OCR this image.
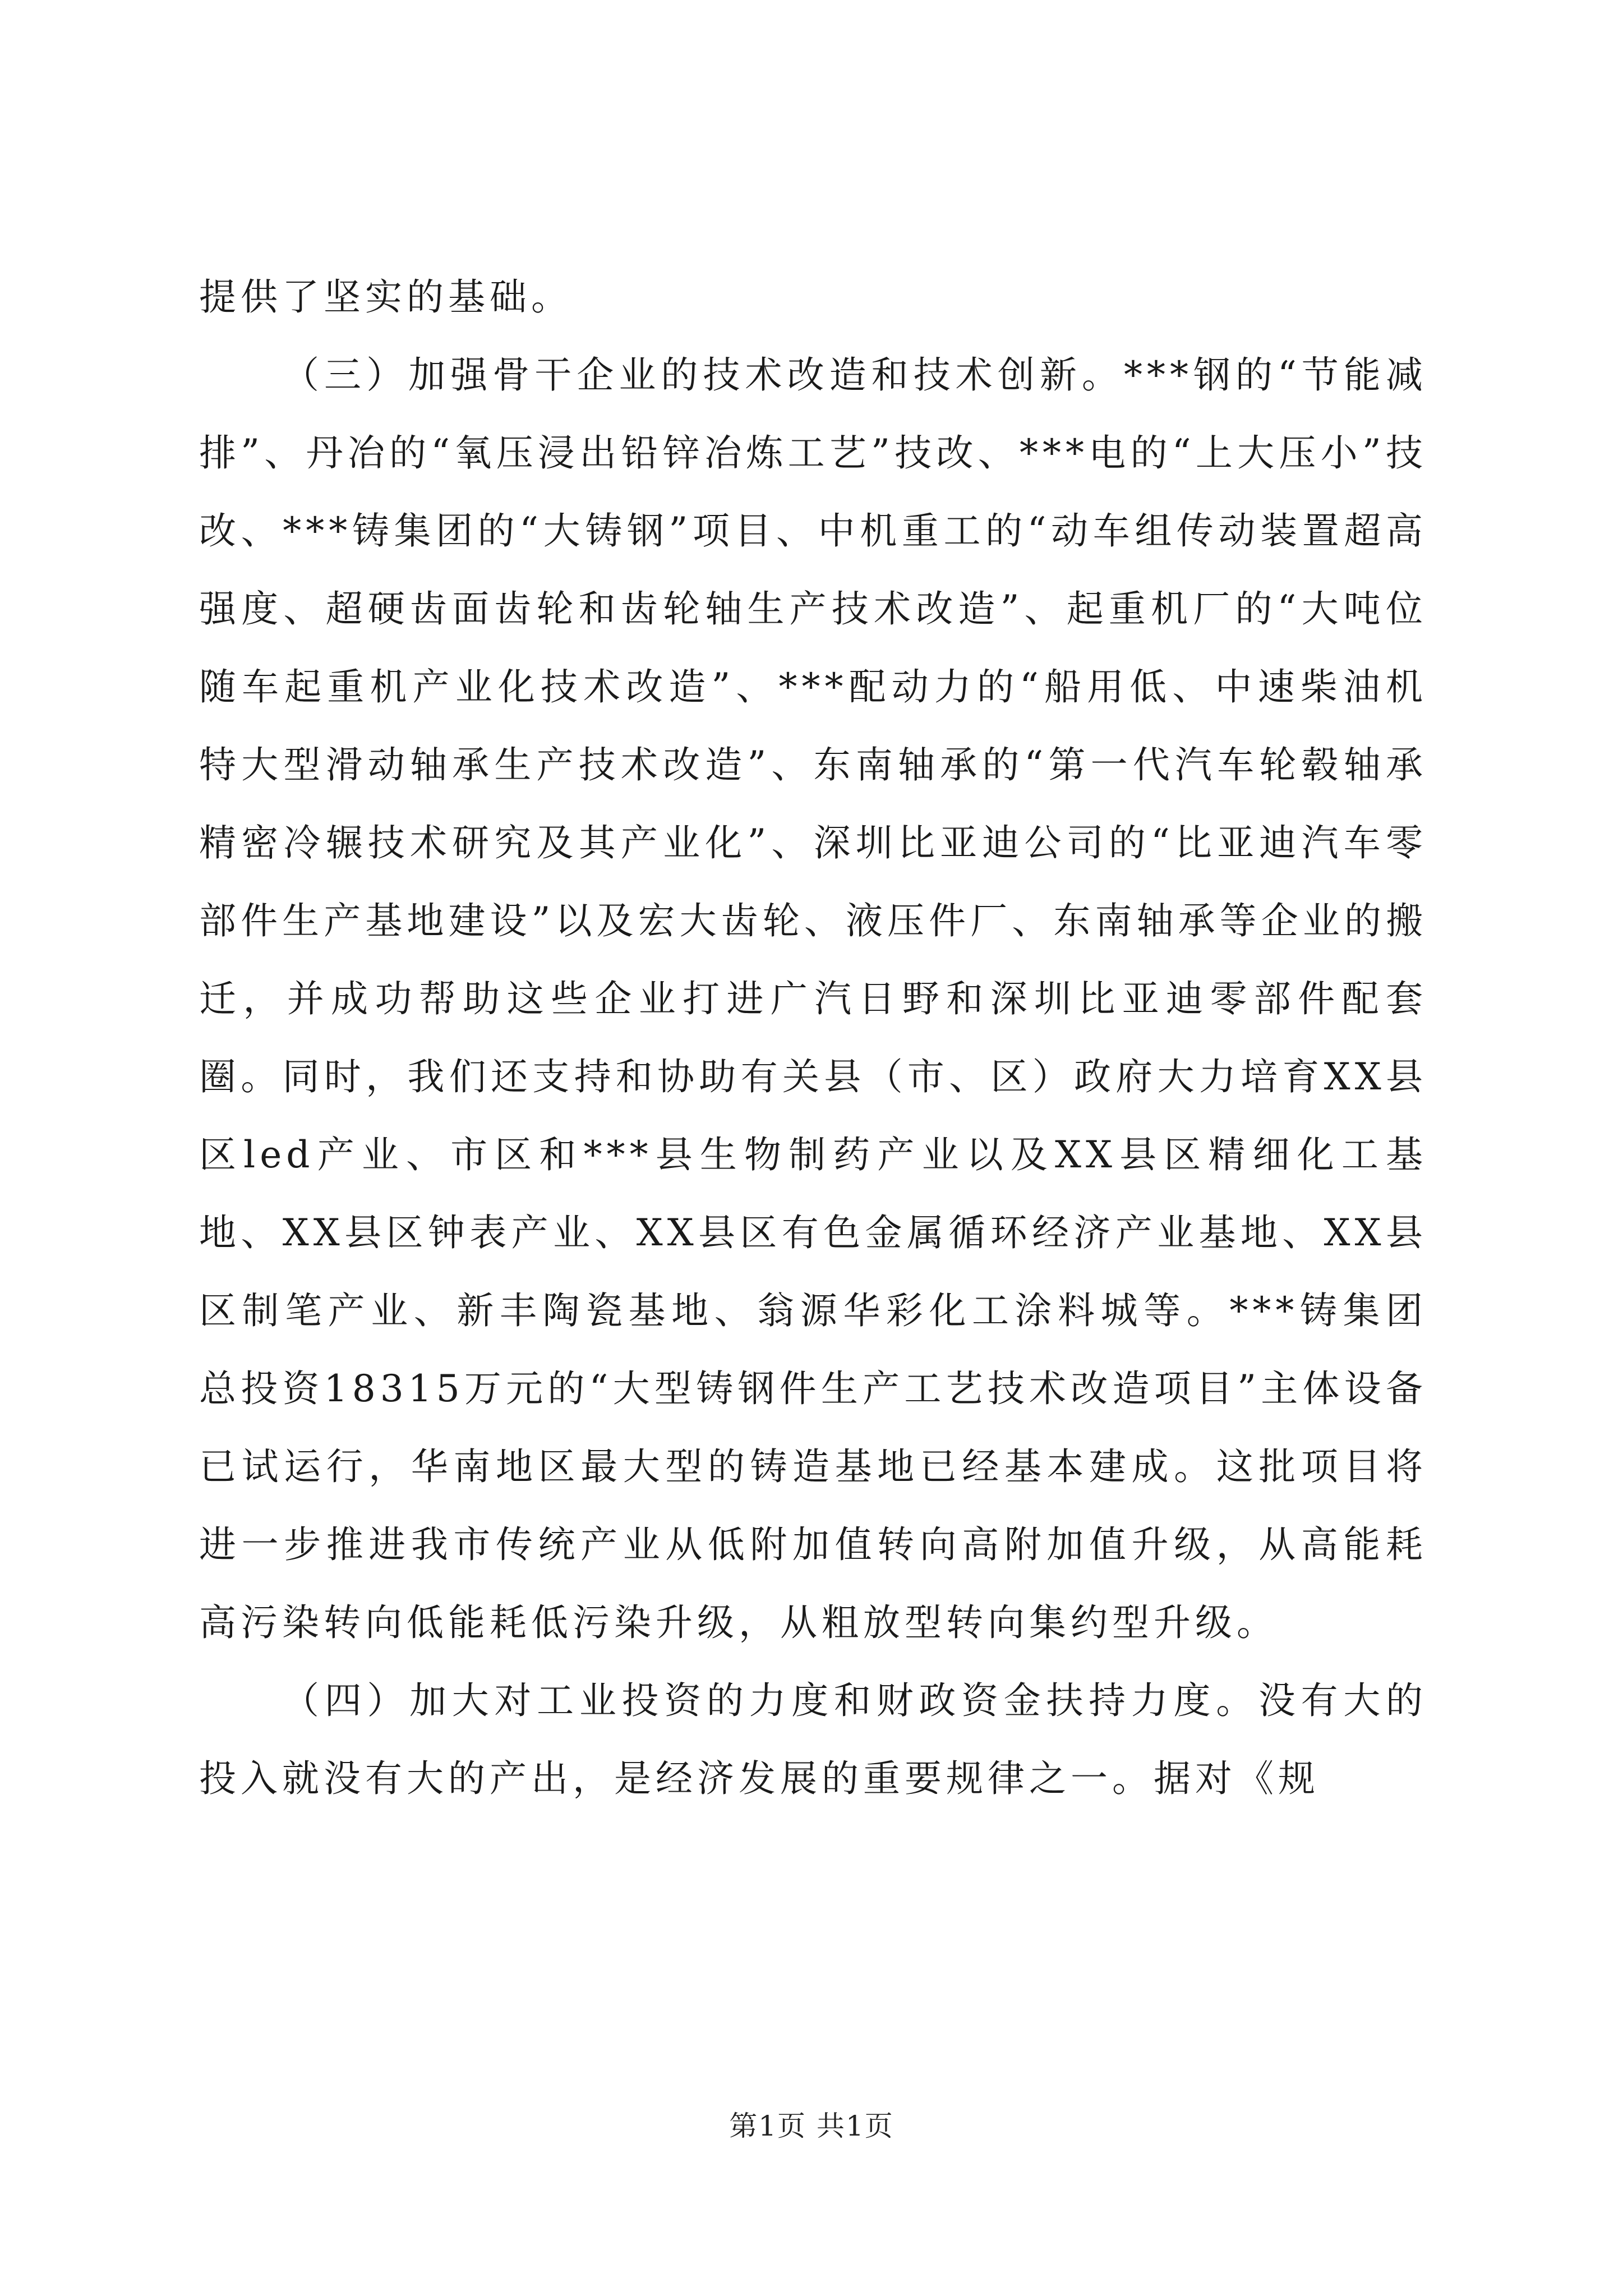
提供了坚实的基础。

（三）加强骨干企业的技术改造和技术创新。***钢的“节能减排”、丹冶的“氧压浸出铅锌冶炼工艺”技改、***电的“上大压小”技改、***铸集团的“大铸钢”项目、中机重工的“动车组传动装置超高强度、超硬齿面齿轮和齿轮轴生产技术改造”、起重机厂的“大吨位随车起重机产业化技术改造”、***配动力的“船用低、中速柴油机特大型滑动轴承生产技术改造”、东南轴承的“第一代汽车轮毂轴承精密冷辗技术研究及其产业化”、深圳比亚迪公司的“比亚迪汽车零部件生产基地建设”以及宏大齿轮、液压件厂、东南轴承等企业的搬迁，并成功帮助这些企业打进广汽日野和深圳比亚迪零部件配套圈。同时，我们还支持和协助有关县（市、区）政府大力培育XX县区led产业、市区和***县生物制药产业以及XX县区精细化工基地、XX县区钟表产业、XX县区有色金属循环经济产业基地、XX县区制笔产业、新丰陶瓷基地、翁源华彩化工涂料城等。***铸集团总投资18315万元的“大型铸钢件生产工艺技术改造项目”主体设备已试运行，华南地区最大型的铸造基地已经基本建成。这批项目将进一步推进我市传统产业从低附加值转向高附加值升级，从高能耗高污染转向低能耗低污染升级，从粗放型转向集约型升级。

（四）加大对工业投资的力度和财政资金扶持力度。没有大的投入就没有大的产出，是经济发展的重要规律之一。据对《规

第1页 共1页
